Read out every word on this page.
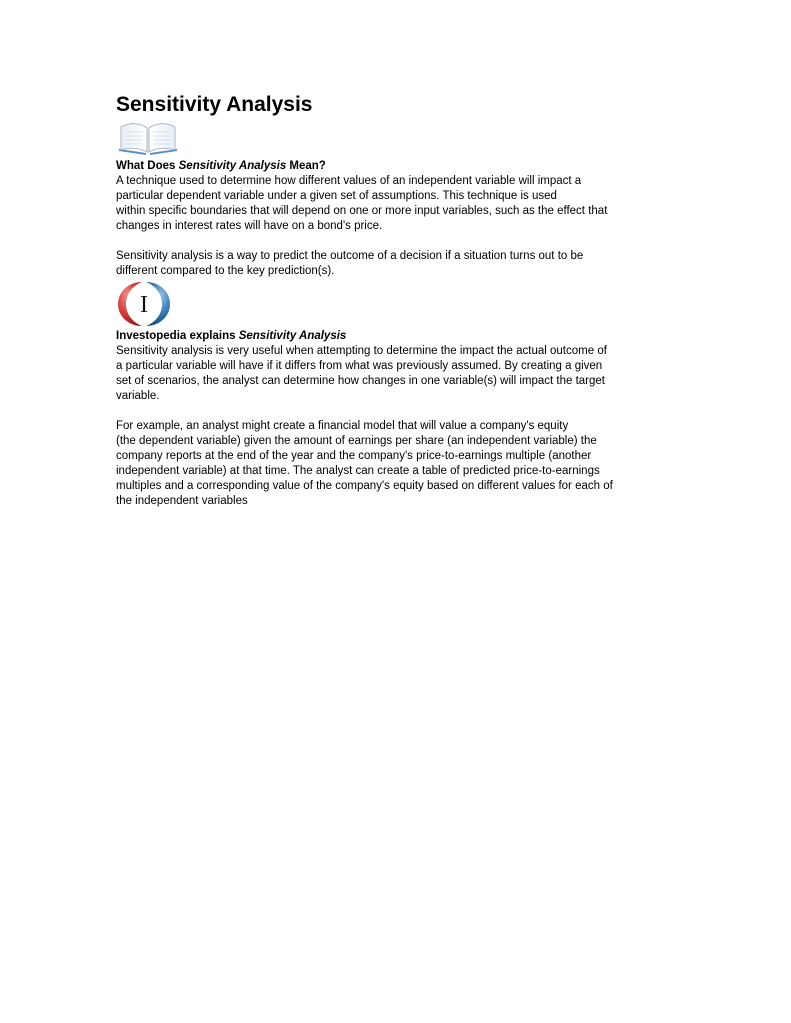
Sensitivity Analysis
What Does Sensitivity Analysis Mean?

A technique used to determine how different values of an independent variable will impact a
particular dependent variable under a given set of assumptions. This technique is used
within specific boundaries that will depend on one or more input variables, such as the effect that
changes in interest rates will have on a bond's price.

Sensitivity analysis is a way to predict the outcome of a decision if a situation turns out to be
different compared to the key prediction(s).

I
Investopedia explains Sensitivity Analysis

Sensitivity analysis is very useful when attempting to determine the impact the actual outcome of
a particular variable will have if it differs from what was previously assumed. By creating a given
set of scenarios, the analyst can determine how changes in one variable(s) will impact the target
variable.

For example, an analyst might create a financial model that will value a company's equity
(the dependent variable) given the amount of earnings per share (an independent variable) the
company reports at the end of the year and the company's price-to-earnings multiple (another
independent variable) at that time. The analyst can create a table of predicted price-to-earnings
multiples and a corresponding value of the company's equity based on different values for each of
the independent variables
